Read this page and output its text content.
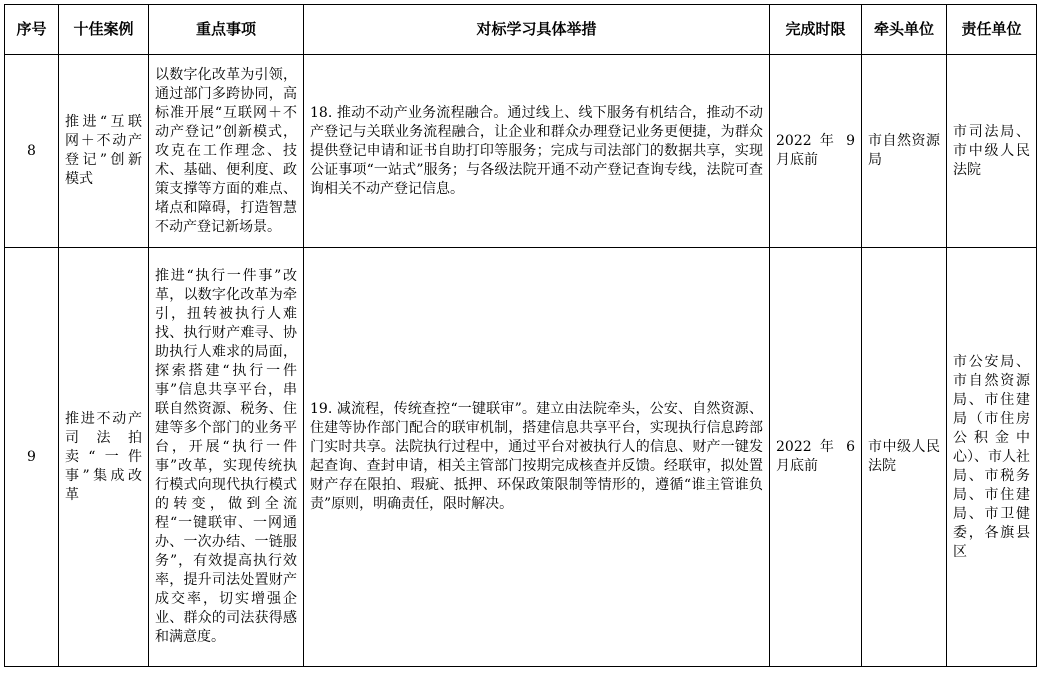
序号	十佳案例	重点事项	对标学习具体举措	完成时限	牵头单位	责任单位
8	推进“互联网＋不动产登记”创新模式	以数字化改革为引领，通过部门多跨协同，高标准开展“互联网＋不动产登记”创新模式，攻克在工作理念、技术、基础、便利度、政策支撑等方面的难点、堵点和障碍，打造智慧不动产登记新场景。	18. 推动不动产业务流程融合。通过线上、线下服务有机结合，推动不动产登记与关联业务流程融合，让企业和群众办理登记业务更便捷，为群众提供登记申请和证书自助打印等服务；完成与司法部门的数据共享，实现公证事项“一站式”服务；与各级法院开通不动产登记查询专线，法院可查询相关不动产登记信息。	2022 年 9 月底前	市自然资源局	市司法局、市中级人民法院
9	推进不动产司法拍卖“一件事”集成改革	推进“执行一件事”改革，以数字化改革为牵引，扭转被执行人难找、执行财产难寻、协助执行人难求的局面，探索搭建“执行一件事”信息共享平台，串联自然资源、税务、住建等多个部门的业务平台，开展“执行一件事”改革，实现传统执行模式向现代执行模式的转变，做到全流程“一键联审、一网通办、一次办结、一链服务”，有效提高执行效率，提升司法处置财产成交率，切实增强企业、群众的司法获得感和满意度。	19. 减流程，传统查控“一键联审”。建立由法院牵头，公安、自然资源、住建等协作部门配合的联审机制，搭建信息共享平台，实现执行信息跨部门实时共享。法院执行过程中，通过平台对被执行人的信息、财产一键发起查询、查封申请，相关主管部门按期完成核查并反馈。经联审，拟处置财产存在限拍、瑕疵、抵押、环保政策限制等情形的，遵循“谁主管谁负责”原则，明确责任，限时解决。	2022 年 6 月底前	市中级人民法院	市公安局、市自然资源局、市住建局（市住房公积金中心）、市人社局、市税务局、市住建局、市卫健委，各旗县区
